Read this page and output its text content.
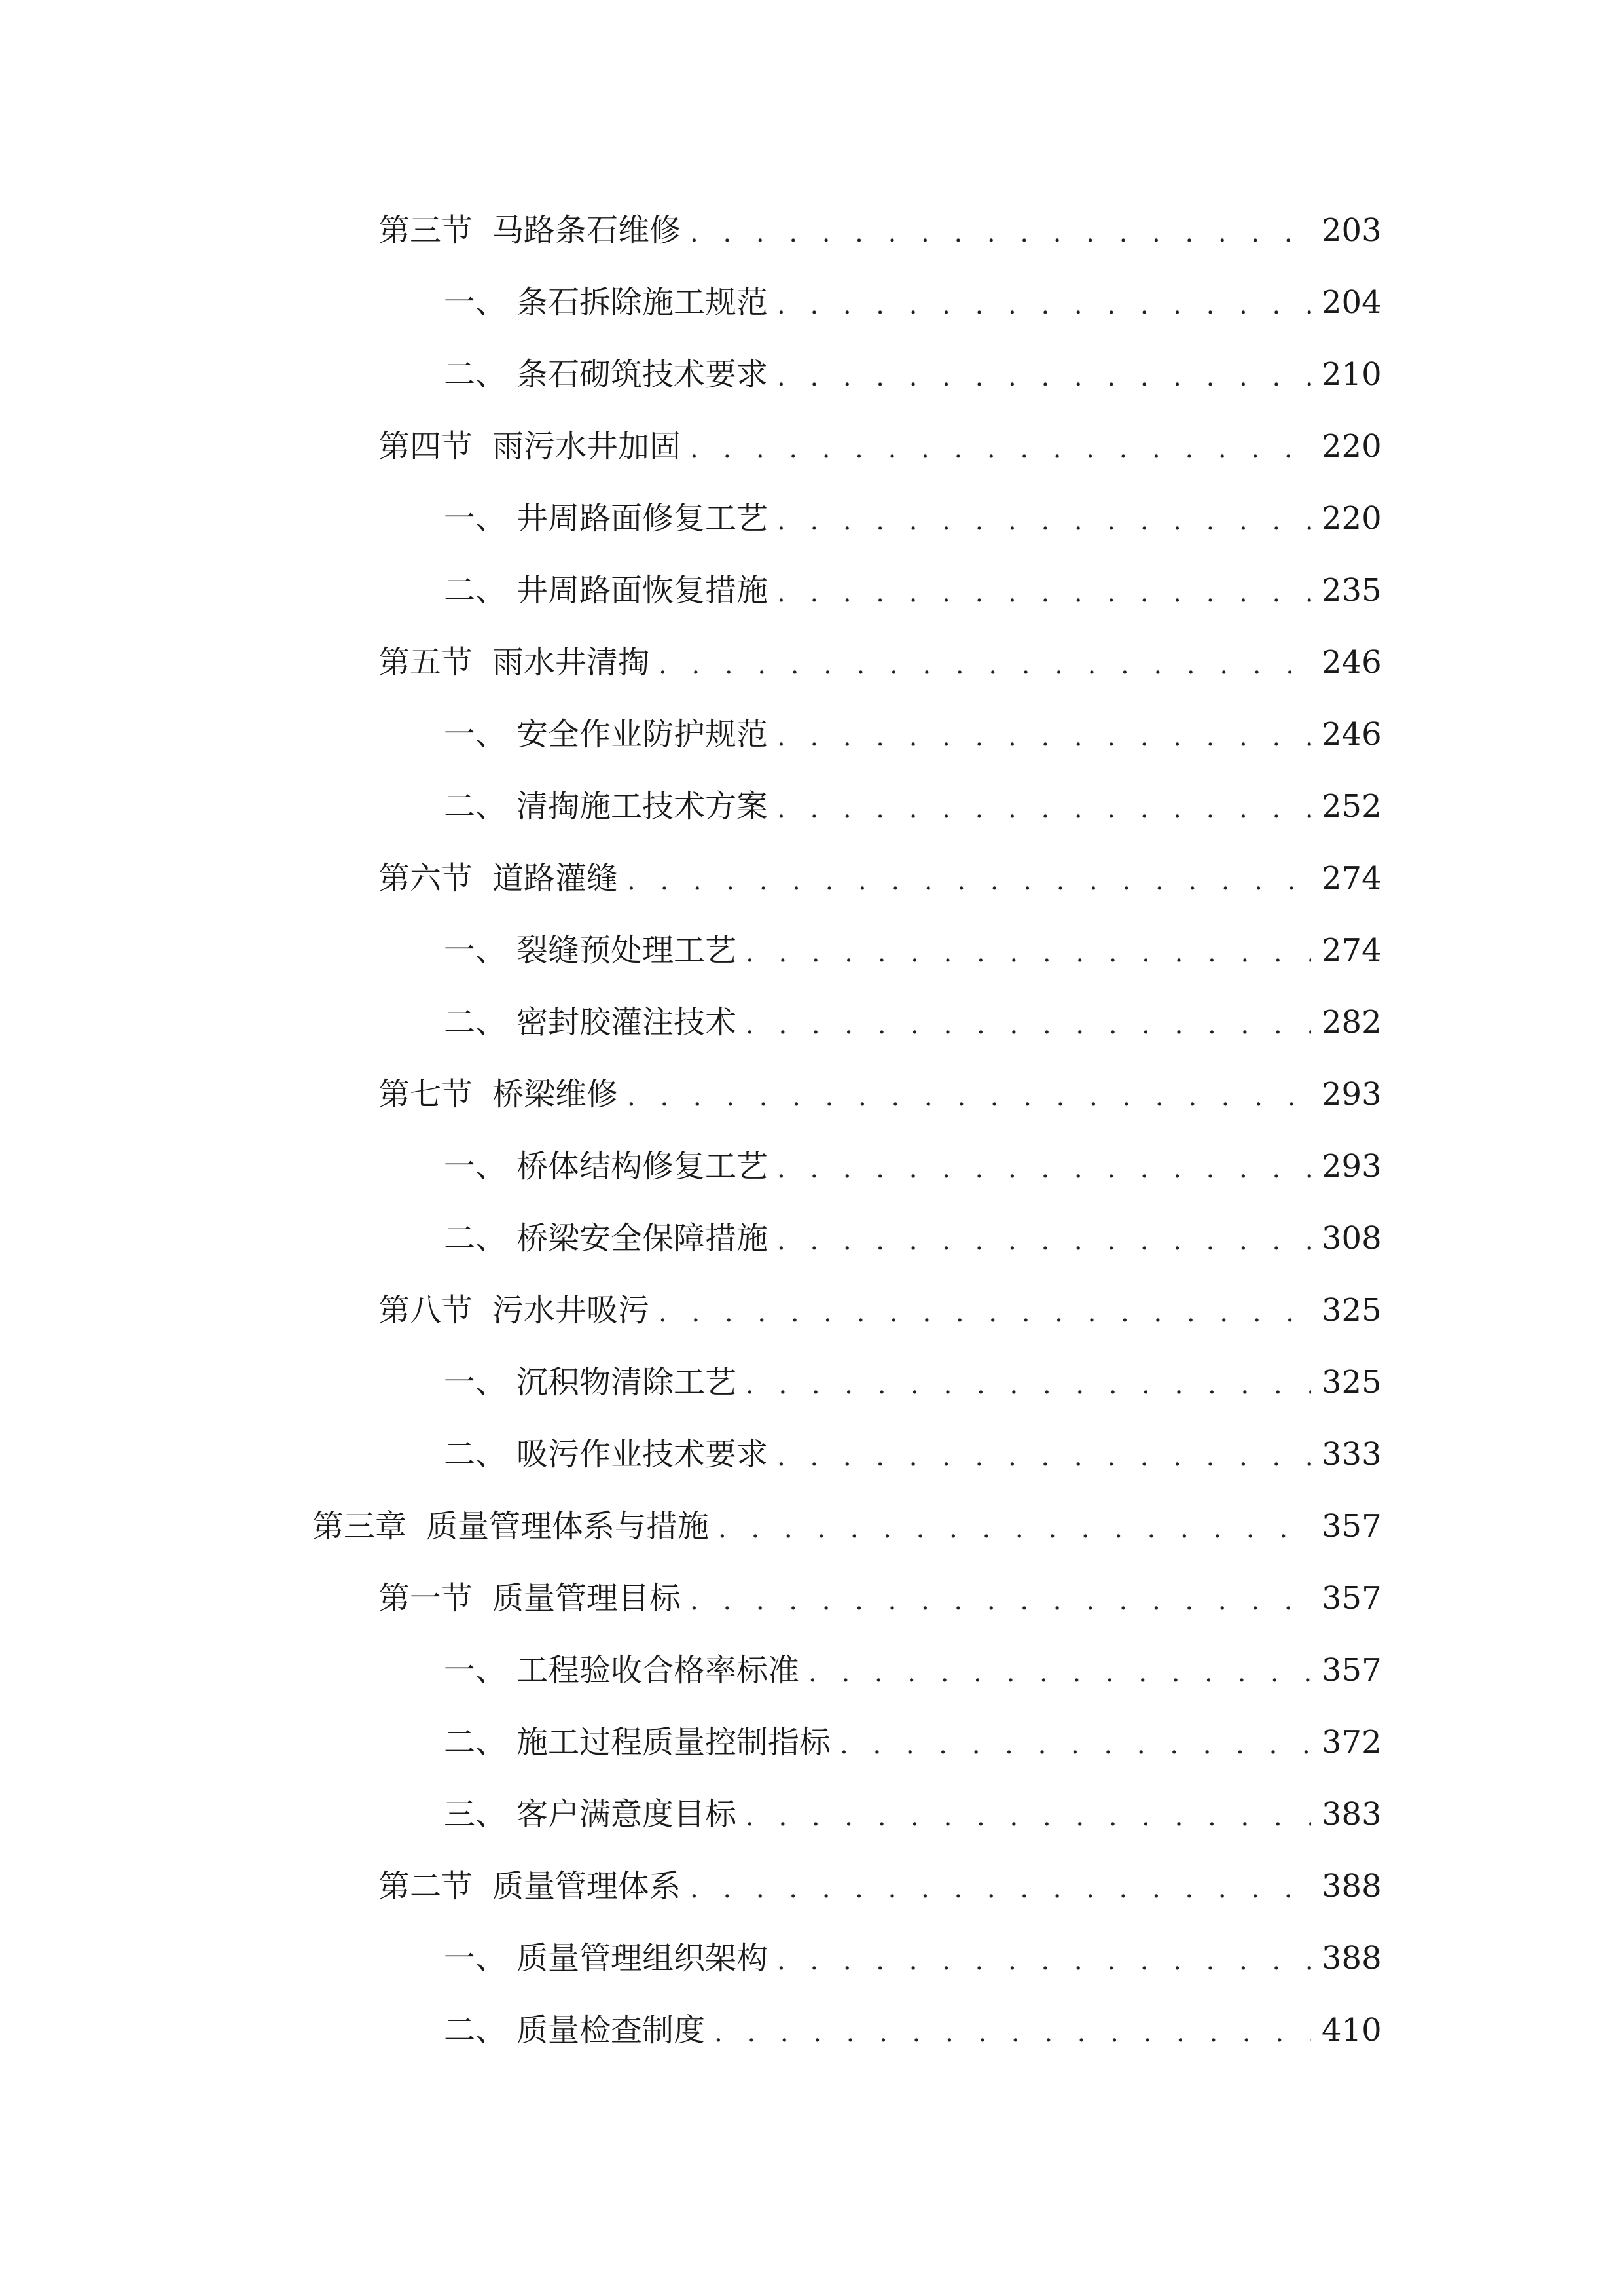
第三节 马路条石维修 . . .	203
一、 条石拆除施工规范 . . .	204
二、 条石砌筑技术要求 . . .	210
第四节 雨污水井加固 . . .	220
一、 井周路面修复工艺 . . .	220
二、 井周路面恢复措施 . . .	235
第五节 雨水井清掏 . . .	246
一、 安全作业防护规范 . . .	246
二、 清掏施工技术方案 . . .	252
第六节 道路灌缝 . . .	274
一、 裂缝预处理工艺 . . .	274
二、 密封胶灌注技术 . . .	282
第七节 桥梁维修 . . .	293
一、 桥体结构修复工艺 . . .	293
二、 桥梁安全保障措施 . . .	308
第八节 污水井吸污 . . .	325
一、 沉积物清除工艺 . . .	325
二、 吸污作业技术要求 . . .	333
第三章 质量管理体系与措施 . . .	357
第一节 质量管理目标 . . .	357
一、 工程验收合格率标准 . . .	357
二、 施工过程质量控制指标 . . .	372
三、 客户满意度目标 . . .	383
第二节 质量管理体系 . . .	388
一、 质量管理组织架构 . . .	388
二、 质量检查制度 . . .	410
